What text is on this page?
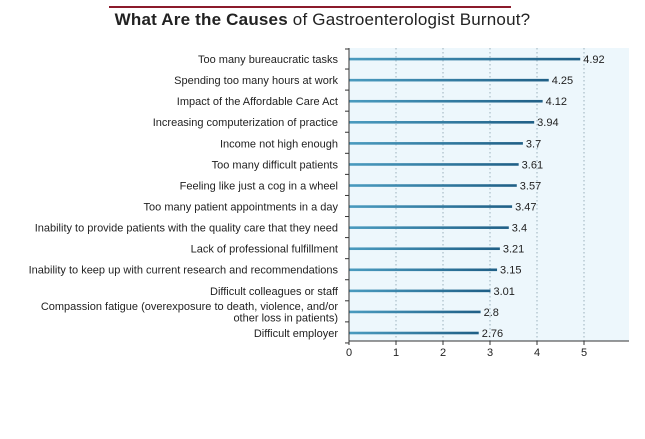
What Are the Causes of Gastroenterologist Burnout?
4.92
4.25
4.12
3.94
3.7
3.61
3.57
3.47
3.4
3.21
3.15
3.01
2.8
2.76
0	1	2	3	4	5
Too many bureaucratic tasks
Spending too many hours at work
Impact of the Affordable Care Act
Increasing computerization of practice
Income not high enough
Too many difficult patients
Feeling like just a cog in a wheel
Too many patient appointments in a day
Inability to provide patients with the quality care that they need
Lack of professional fulfillment
Inability to keep up with current research and recommendations
Difficult colleagues or staff
Compassion fatigue (overexposure to death, violence, and/or
other loss in patients)
Difficult employer
